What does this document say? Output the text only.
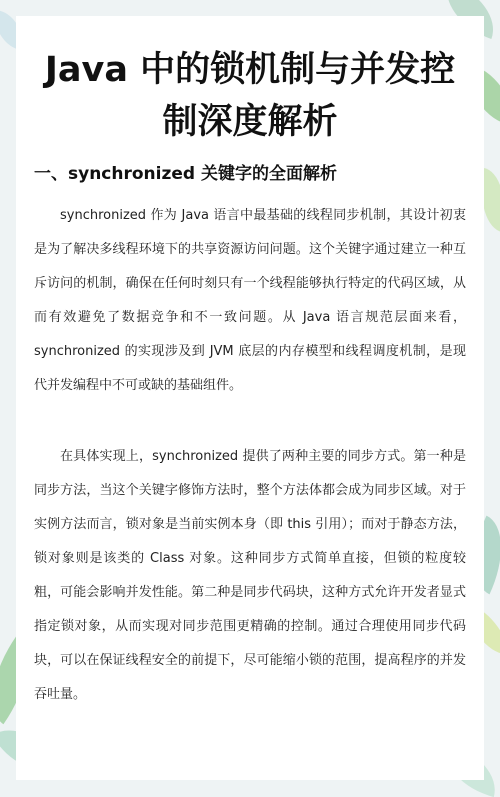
Java 中的锁机制与并发控制深度解析
一、synchronized 关键字的全面解析

synchronized 作为 Java 语言中最基础的线程同步机制，其设计初衷是为了解决多线程环境下的共享资源访问问题。这个关键字通过建立一种互斥访问的机制，确保在任何时刻只有一个线程能够执行特定的代码区域，从而有效避免了数据竞争和不一致问题。从 Java 语言规范层面来看，synchronized 的实现涉及到 JVM 底层的内存模型和线程调度机制，是现代并发编程中不可或缺的基础组件。

在具体实现上，synchronized 提供了两种主要的同步方式。第一种是同步方法，当这个关键字修饰方法时，整个方法体都会成为同步区域。对于实例方法而言，锁对象是当前实例本身（即 this 引用）；而对于静态方法，锁对象则是该类的 Class 对象。这种同步方式简单直接，但锁的粒度较粗，可能会影响并发性能。第二种是同步代码块，这种方式允许开发者显式指定锁对象，从而实现对同步范围更精确的控制。通过合理使用同步代码块，可以在保证线程安全的前提下，尽可能缩小锁的范围，提高程序的并发吞吐量。
